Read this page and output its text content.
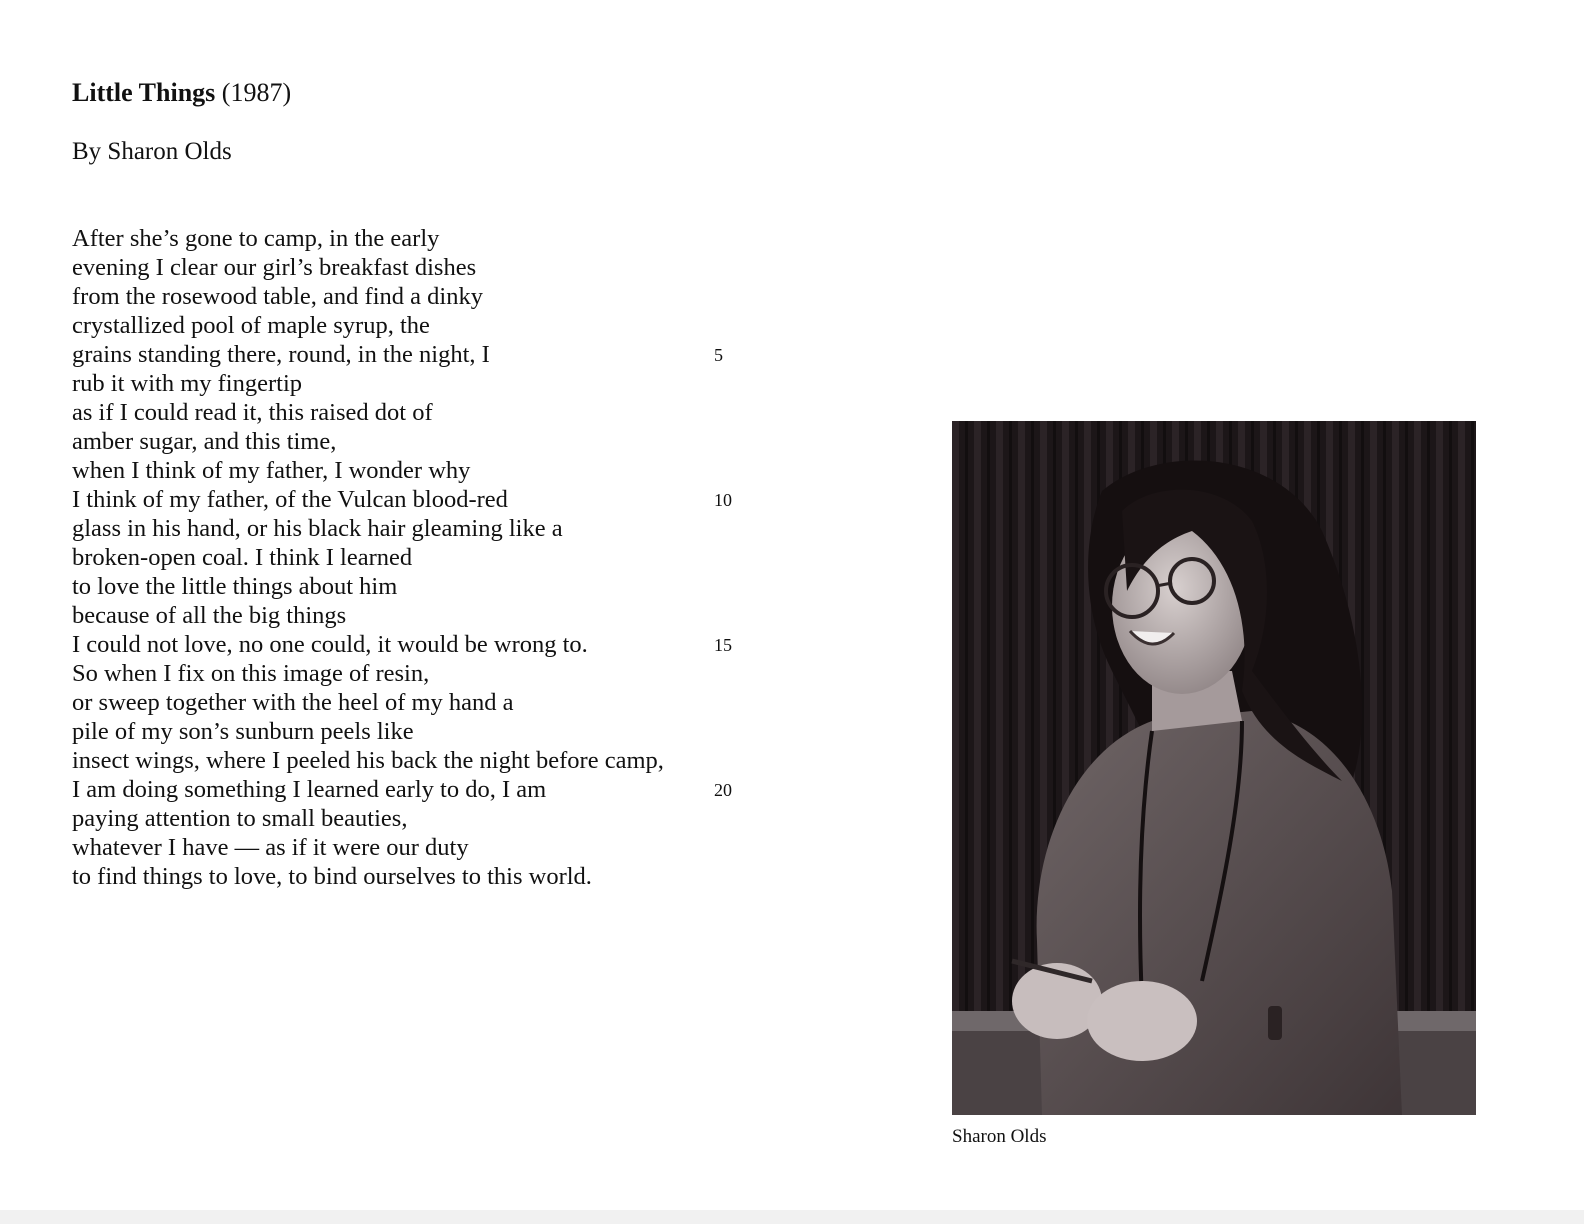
Little Things (1987)
By Sharon Olds
After she’s gone to camp, in the early
evening I clear our girl’s breakfast dishes
from the rosewood table, and find a dinky
crystallized pool of maple syrup, the
grains standing there, round, in the night, I	5
rub it with my fingertip
as if I could read it, this raised dot of
amber sugar, and this time,
when I think of my father, I wonder why
I think of my father, of the Vulcan blood-red	10
glass in his hand, or his black hair gleaming like a
broken-open coal. I think I learned
to love the little things about him
because of all the big things
I could not love, no one could, it would be wrong to.	15
So when I fix on this image of resin,
or sweep together with the heel of my hand a
pile of my son’s sunburn peels like
insect wings, where I peeled his back the night before camp,
I am doing something I learned early to do, I am	20
paying attention to small beauties,
whatever I have — as if it were our duty
to find things to love, to bind ourselves to this world.
Sharon Olds
